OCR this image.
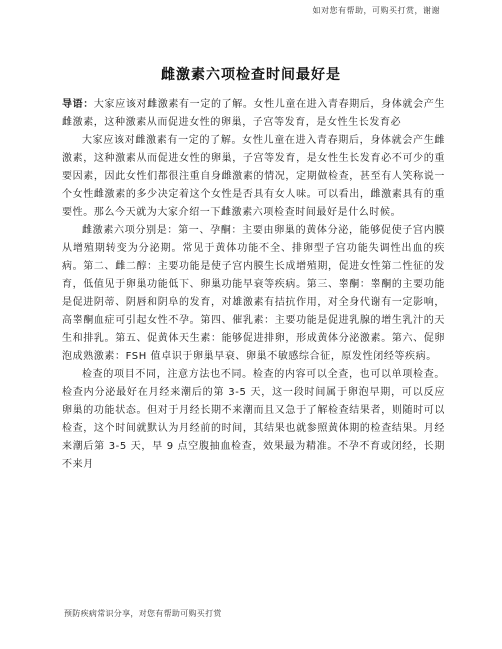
如对您有帮助，可购买打赏，谢谢
雌激素六项检查时间最好是

导语：大家应该对雌激素有一定的了解。女性儿童在进入青春期后，身体就会产生雌激素，这种激素从而促进女性的卵巢，子宫等发育，是女性生长发育必

大家应该对雌激素有一定的了解。女性儿童在进入青春期后，身体就会产生雌激素，这种激素从而促进女性的卵巢，子宫等发育，是女性生长发育必不可少的重要因素，因此女性们都很注重自身雌激素的情况，定期做检查，甚至有人笑称说一个女性雌激素的多少决定着这个女性是否具有女人味。可以看出，雌激素具有的重要性。那么今天就为大家介绍一下雌激素六项检查时间最好是什么时候。

雌激素六项分别是：第一、孕酮：主要由卵巢的黄体分泌，能够促使子宫内膜从增殖期转变为分泌期。常见于黄体功能不全、排卵型子宫功能失调性出血的疾病。第二、雌二醇：主要功能是使子宫内膜生长成增殖期，促进女性第二性征的发育，低值见于卵巢功能低下、卵巢功能早衰等疾病。第三、睾酮：睾酮的主要功能是促进阴蒂、阴唇和阴阜的发育，对雄激素有拮抗作用，对全身代谢有一定影响，高睾酮血症可引起女性不孕。第四、催乳素：主要功能是促进乳腺的增生乳汁的天生和排乳。第五、促黄体天生素：能够促进排卵，形成黄体分泌激素。第六、促卵泡成熟激素：FSH 值卓识于卵巢早衰、卵巢不敏感综合征，原发性闭经等疾病。

检查的项目不同，注意方法也不同。检查的内容可以全查，也可以单项检查。检查内分泌最好在月经来潮后的第 3-5 天，这一段时间属于卵泡早期，可以反应卵巢的功能状态。但对于月经长期不来潮而且又急于了解检查结果者，则随时可以检查，这个时间就默认为月经前的时间，其结果也就参照黄体期的检查结果。月经来潮后第 3-5 天，早 9 点空腹抽血检查，效果最为精准。不孕不育或闭经，长期不来月

预防疾病常识分享，对您有帮助可购买打赏
